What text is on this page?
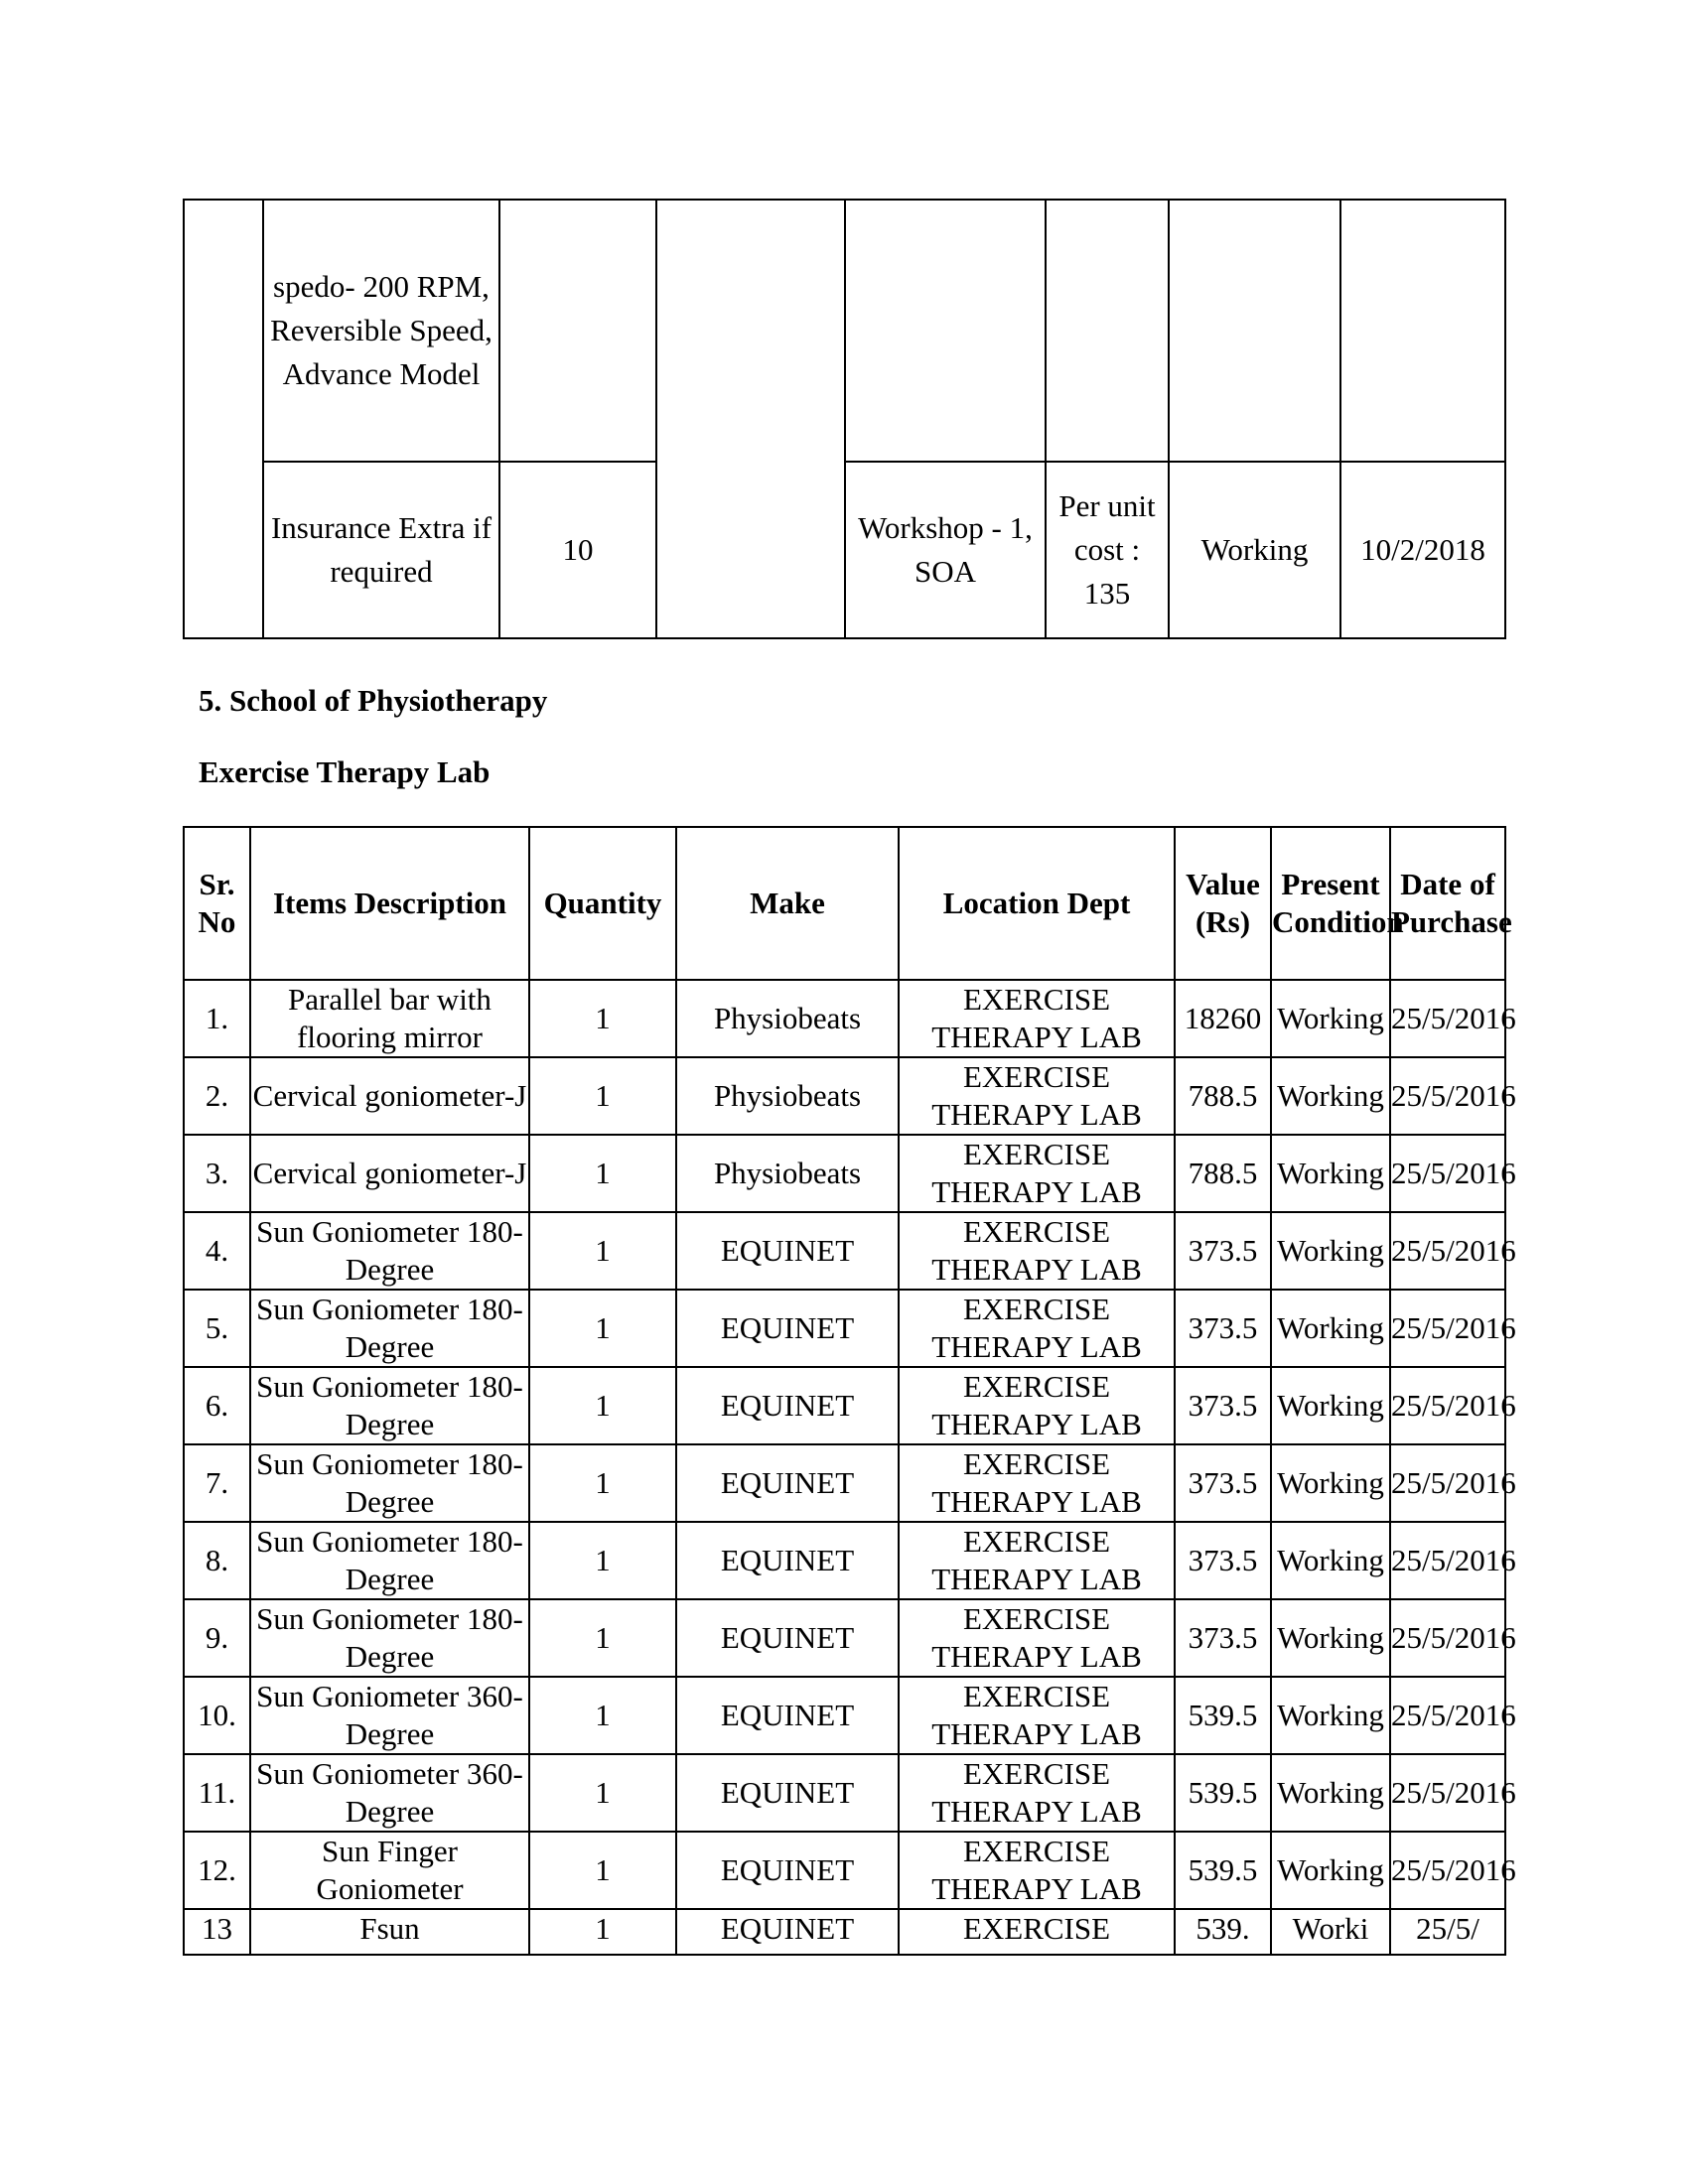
	spedo- 200 RPM, Reversible Speed, Advance Model						
	Insurance Extra if required	10		Workshop - 1, SOA	Per unit cost : 135	Working	10/2/2018
5. School of Physiotherapy
Exercise Therapy Lab
Sr. No	Items Description	Quantity	Make	Location Dept	Value (Rs)	Present Condition	Date of Purchase
1.	Parallel bar with flooring mirror	1	Physiobeats	EXERCISE THERAPY LAB	18260	Working	25/5/2016
2.	Cervical goniometer-J	1	Physiobeats	EXERCISE THERAPY LAB	788.5	Working	25/5/2016
3.	Cervical goniometer-J	1	Physiobeats	EXERCISE THERAPY LAB	788.5	Working	25/5/2016
4.	Sun Goniometer 180-Degree	1	EQUINET	EXERCISE THERAPY LAB	373.5	Working	25/5/2016
5.	Sun Goniometer 180-Degree	1	EQUINET	EXERCISE THERAPY LAB	373.5	Working	25/5/2016
6.	Sun Goniometer 180-Degree	1	EQUINET	EXERCISE THERAPY LAB	373.5	Working	25/5/2016
7.	Sun Goniometer 180-Degree	1	EQUINET	EXERCISE THERAPY LAB	373.5	Working	25/5/2016
8.	Sun Goniometer 180-Degree	1	EQUINET	EXERCISE THERAPY LAB	373.5	Working	25/5/2016
9.	Sun Goniometer 180-Degree	1	EQUINET	EXERCISE THERAPY LAB	373.5	Working	25/5/2016
10.	Sun Goniometer 360-Degree	1	EQUINET	EXERCISE THERAPY LAB	539.5	Working	25/5/2016
11.	Sun Goniometer 360-Degree	1	EQUINET	EXERCISE THERAPY LAB	539.5	Working	25/5/2016
12.	Sun Finger Goniometer	1	EQUINET	EXERCISE THERAPY LAB	539.5	Working	25/5/2016
13	Fsun	1	EQUINET	EXERCISE	539.	Worki	25/5/
